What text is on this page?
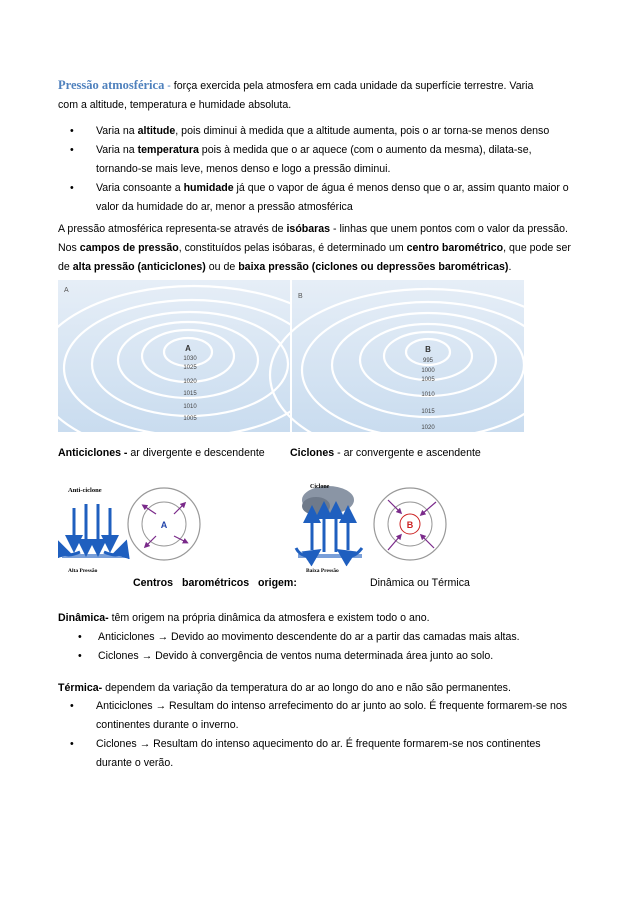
Pressão atmosférica - força exercida pela atmosfera em cada unidade da superfície terrestre. Varia
com a altitude, temperatura e humidade absoluta.
•	Varia na altitude, pois diminui à medida que a altitude aumenta, pois o ar torna-se menos denso
•	Varia na temperatura pois à medida que o ar aquece (com o aumento da mesma), dilata-se,
tornando-se mais leve, menos denso e logo a pressão diminui.
•	Varia consoante a humidade já que o vapor de água é menos denso que o ar, assim quanto maior o
valor da humidade do ar, menor a pressão atmosférica
A pressão atmosférica representa-se através de isóbaras - linhas que unem pontos com o valor da pressão.
Nos campos de pressão, constituídos pelas isóbaras, é determinado um centro barométrico, que pode ser
de alta pressão (anticiclones) ou de baixa pressão (ciclones ou depressões barométricas).
A
A
1030
1025
1020
1015
1010
1005
B
B
995
1000
1005
1010
1015
1020
Anticiclones - ar divergente e descendente	Ciclones - ar convergente e ascendente
Anti-ciclone
Alta Pressão
A
Ciclone
Baixa Pressão
B
Centros barométricos origem:	Dinâmica ou Térmica
Dinâmica- têm origem na própria dinâmica da atmosfera e existem todo o ano.
•	Anticiclones → Devido ao movimento descendente do ar a partir das camadas mais altas.
•	Ciclones → Devido à convergência de ventos numa determinada área junto ao solo.
Térmica- dependem da variação da temperatura do ar ao longo do ano e não são permanentes.
•	Anticiclones → Resultam do intenso arrefecimento do ar junto ao solo. É frequente formarem-se nos
continentes durante o inverno.
•	Ciclones → Resultam do intenso aquecimento do ar. É frequente formarem-se nos continentes
durante o verão.
